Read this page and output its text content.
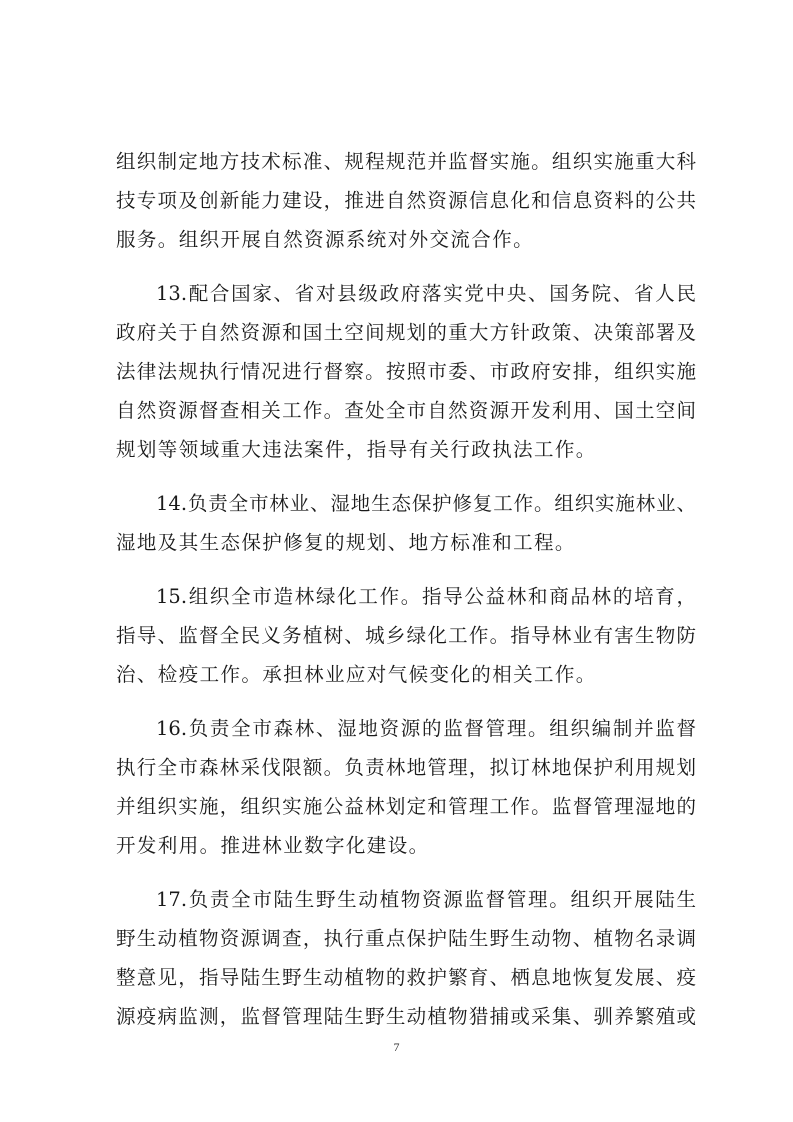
组织制定地方技术标准、规程规范并监督实施。组织实施重大科
技专项及创新能力建设，推进自然资源信息化和信息资料的公共
服务。组织开展自然资源系统对外交流合作。

13.配合国家、省对县级政府落实党中央、国务院、省人民
政府关于自然资源和国土空间规划的重大方针政策、决策部署及
法律法规执行情况进行督察。按照市委、市政府安排，组织实施
自然资源督查相关工作。查处全市自然资源开发利用、国土空间
规划等领域重大违法案件，指导有关行政执法工作。

14.负责全市林业、湿地生态保护修复工作。组织实施林业、
湿地及其生态保护修复的规划、地方标准和工程。

15.组织全市造林绿化工作。指导公益林和商品林的培育，
指导、监督全民义务植树、城乡绿化工作。指导林业有害生物防
治、检疫工作。承担林业应对气候变化的相关工作。

16.负责全市森林、湿地资源的监督管理。组织编制并监督
执行全市森林采伐限额。负责林地管理，拟订林地保护利用规划
并组织实施，组织实施公益林划定和管理工作。监督管理湿地的
开发利用。推进林业数字化建设。

17.负责全市陆生野生动植物资源监督管理。组织开展陆生
野生动植物资源调查，执行重点保护陆生野生动物、植物名录调
整意见，指导陆生野生动植物的救护繁育、栖息地恢复发展、疫
源疫病监测，监督管理陆生野生动植物猎捕或采集、驯养繁殖或

7
